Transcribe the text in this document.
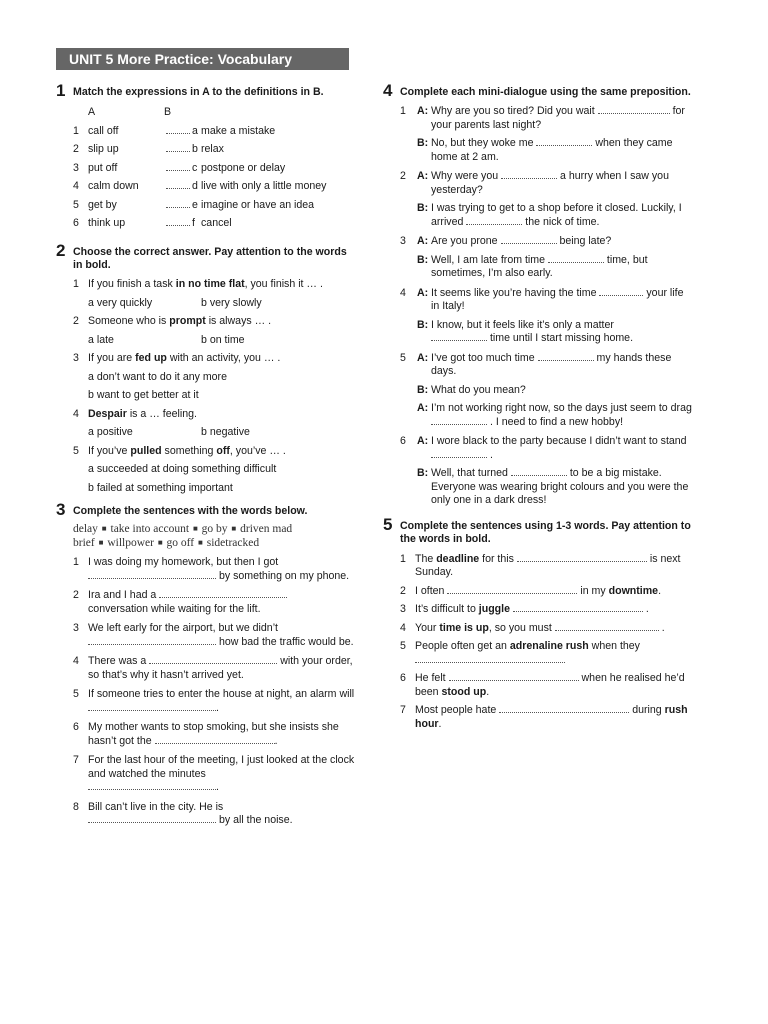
UNIT 5 More Practice: Vocabulary
1 Match the expressions in A to the definitions in B.
A	B
1 call off	a make a mistake
2 slip up	b relax
3 put off	c postpone or delay
4 calm down	d live with only a little money
5 get by	e imagine or have an idea
6 think up	f cancel
2 Choose the correct answer. Pay attention to the words in bold.
1 If you finish a task in no time flat, you finish it … .
a very quickly	b very slowly
2 Someone who is prompt is always … .
a late	b on time
3 If you are fed up with an activity, you … .
a don’t want to do it any more
b want to get better at it
4 Despair is a … feeling.
a positive	b negative
5 If you’ve pulled something off, you’ve … .
a succeeded at doing something difficult
b failed at something important
3 Complete the sentences with the words below.
delay ■ take into account ■ go by ■ driven mad
brief ■ willpower ■ go off ■ sidetracked
1 I was doing my homework, but then I got
by something on my phone.
2 Ira and I had a
conversation while waiting for the lift.
3 We left early for the airport, but we didn’t
how bad the traffic would be.
4 There was a	with your order, so that’s why it hasn’t arrived yet.
5 If someone tries to enter the house at night, an alarm will .
6 My mother wants to stop smoking, but she insists she hasn’t got the	.
7 For the last hour of the meeting, I just looked at the clock and watched the minutes
.
8 Bill can’t live in the city. He is
by all the noise.
4 Complete each mini-dialogue using the same preposition.
1 A: Why are you so tired? Did you wait	for your parents last night?
B: No, but they woke me	when they came home at 2 am.
2 A: Why were you	a hurry when I saw you yesterday?
B: I was trying to get to a shop before it closed. Luckily, I arrived	the nick of time.
3 A: Are you prone	being late?
B: Well, I am late from time	time, but sometimes, I’m also early.
4 A: It seems like you’re having the time	your life in Italy!
B: I know, but it feels like it’s only a matter
time until I start missing home.
5 A: I’ve got too much time	my hands these days.
B: What do you mean?
A: I’m not working right now, so the days just seem to drag  . I need to find a new hobby!
6 A: I wore black to the party because I didn’t want to stand  .
B: Well, that turned	to be a big mistake. Everyone was wearing bright colours and you were the only one in a dark dress!
5 Complete the sentences using 1-3 words. Pay attention to the words in bold.
1 The deadline for this	is next Sunday.
2 I often	in my downtime.
3 It’s difficult to juggle	.
4 Your time is up, so you must	.
5 People often get an adrenaline rush when they

6 He felt	when he realised he’d been stood up.
7 Most people hate	during rush hour.
